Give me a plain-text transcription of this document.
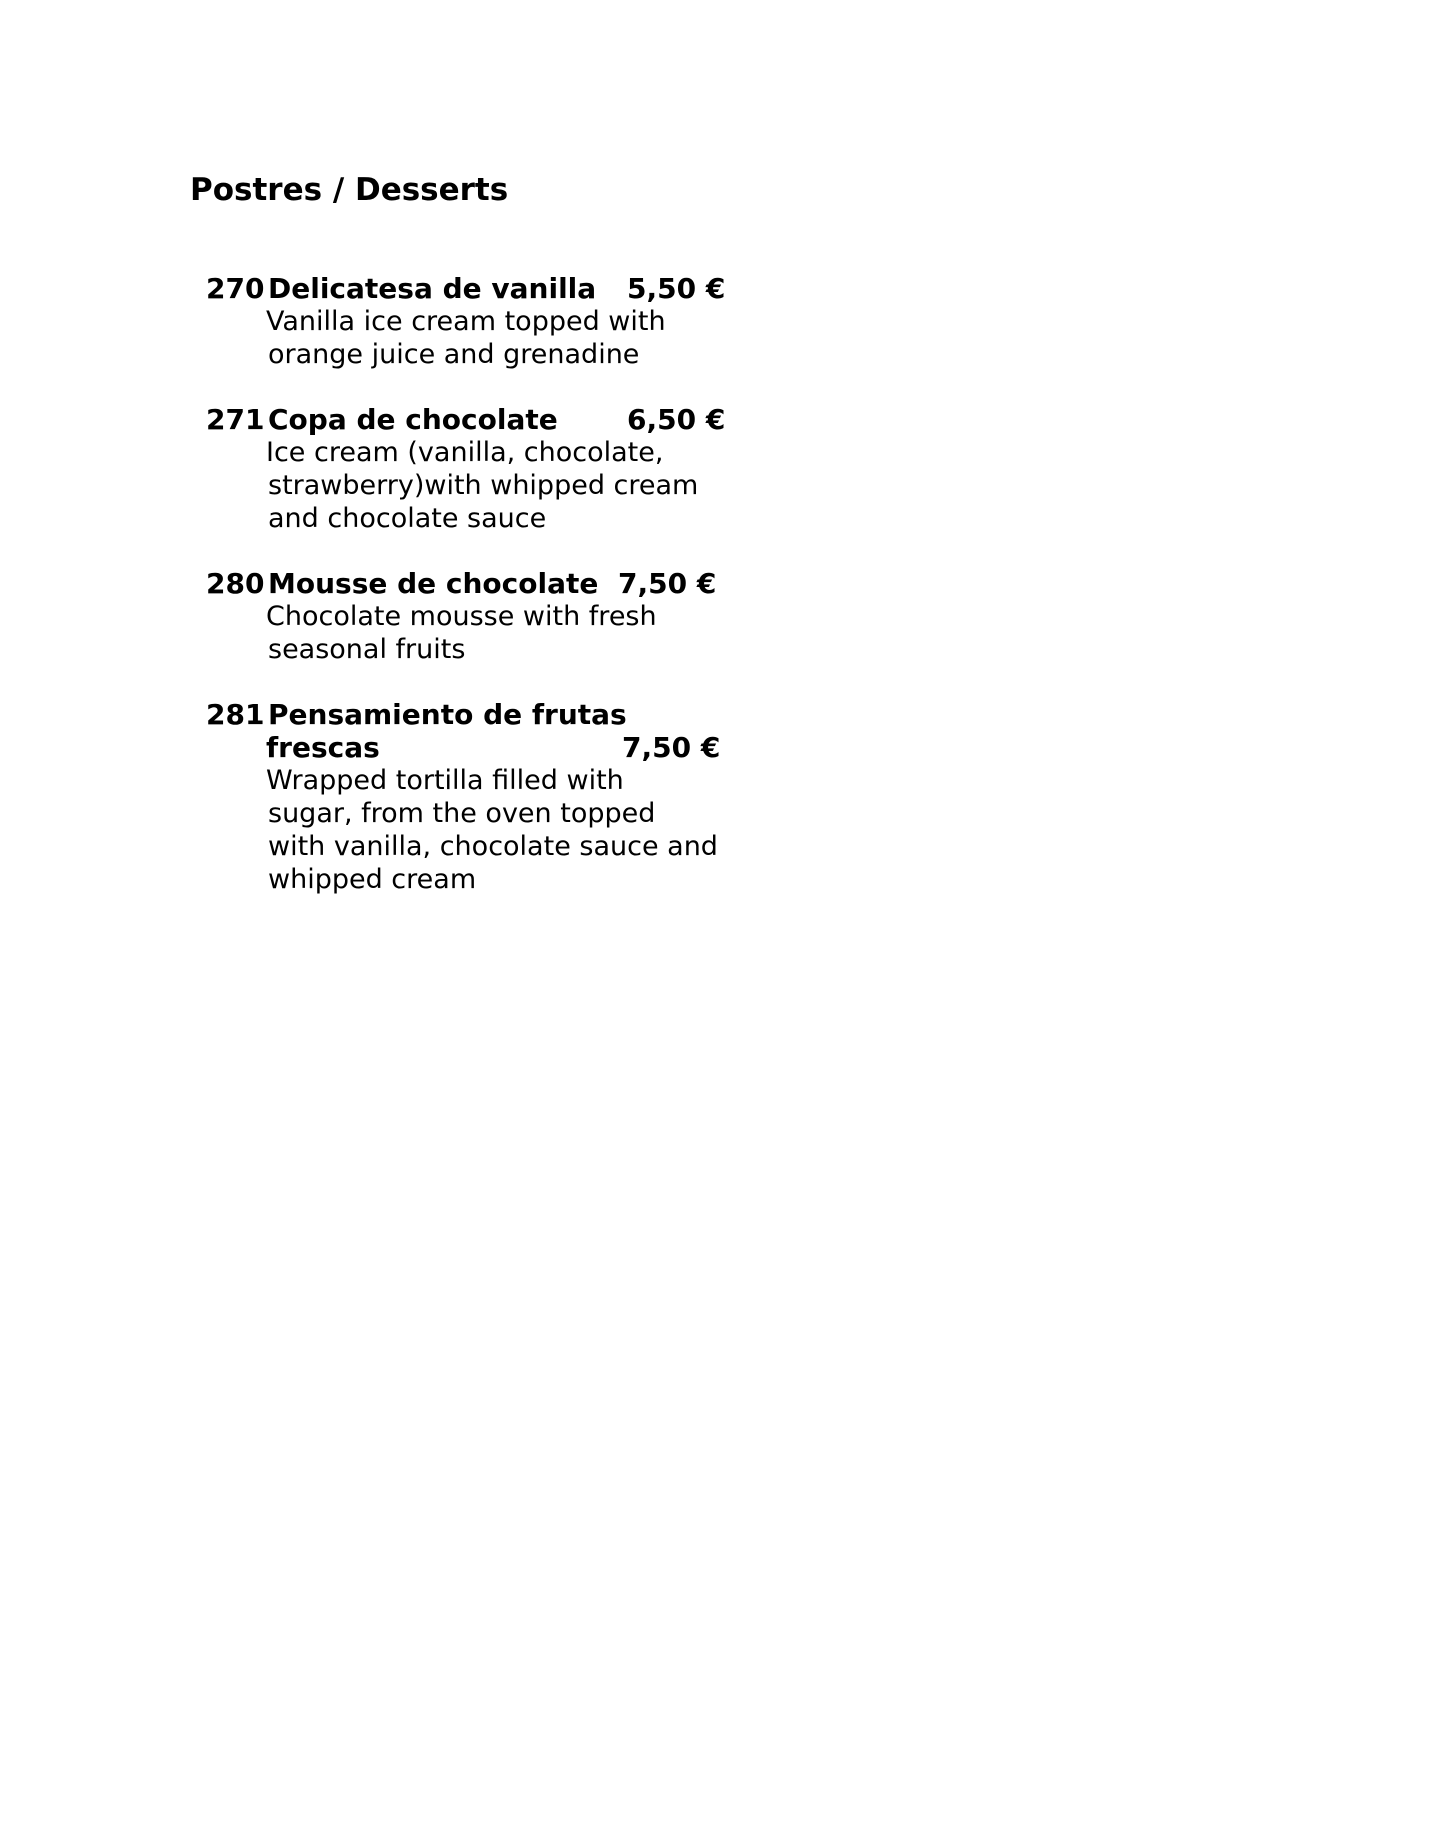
Postres / Desserts
270 Delicatesa de vanilla 5,50 €

Vanilla ice cream topped with
orange juice and grenadine

271 Copa de chocolate 6,50 €

Ice cream (vanilla, chocolate,
strawberry)with whipped cream
and chocolate sauce

280 Mousse de chocolate 7,50 €

Chocolate mousse with fresh
seasonal fruits

281 Pensamiento de frutas
frescas	7,50 €

Wrapped tortilla filled with
sugar, from the oven topped
with vanilla, chocolate sauce and
whipped cream
